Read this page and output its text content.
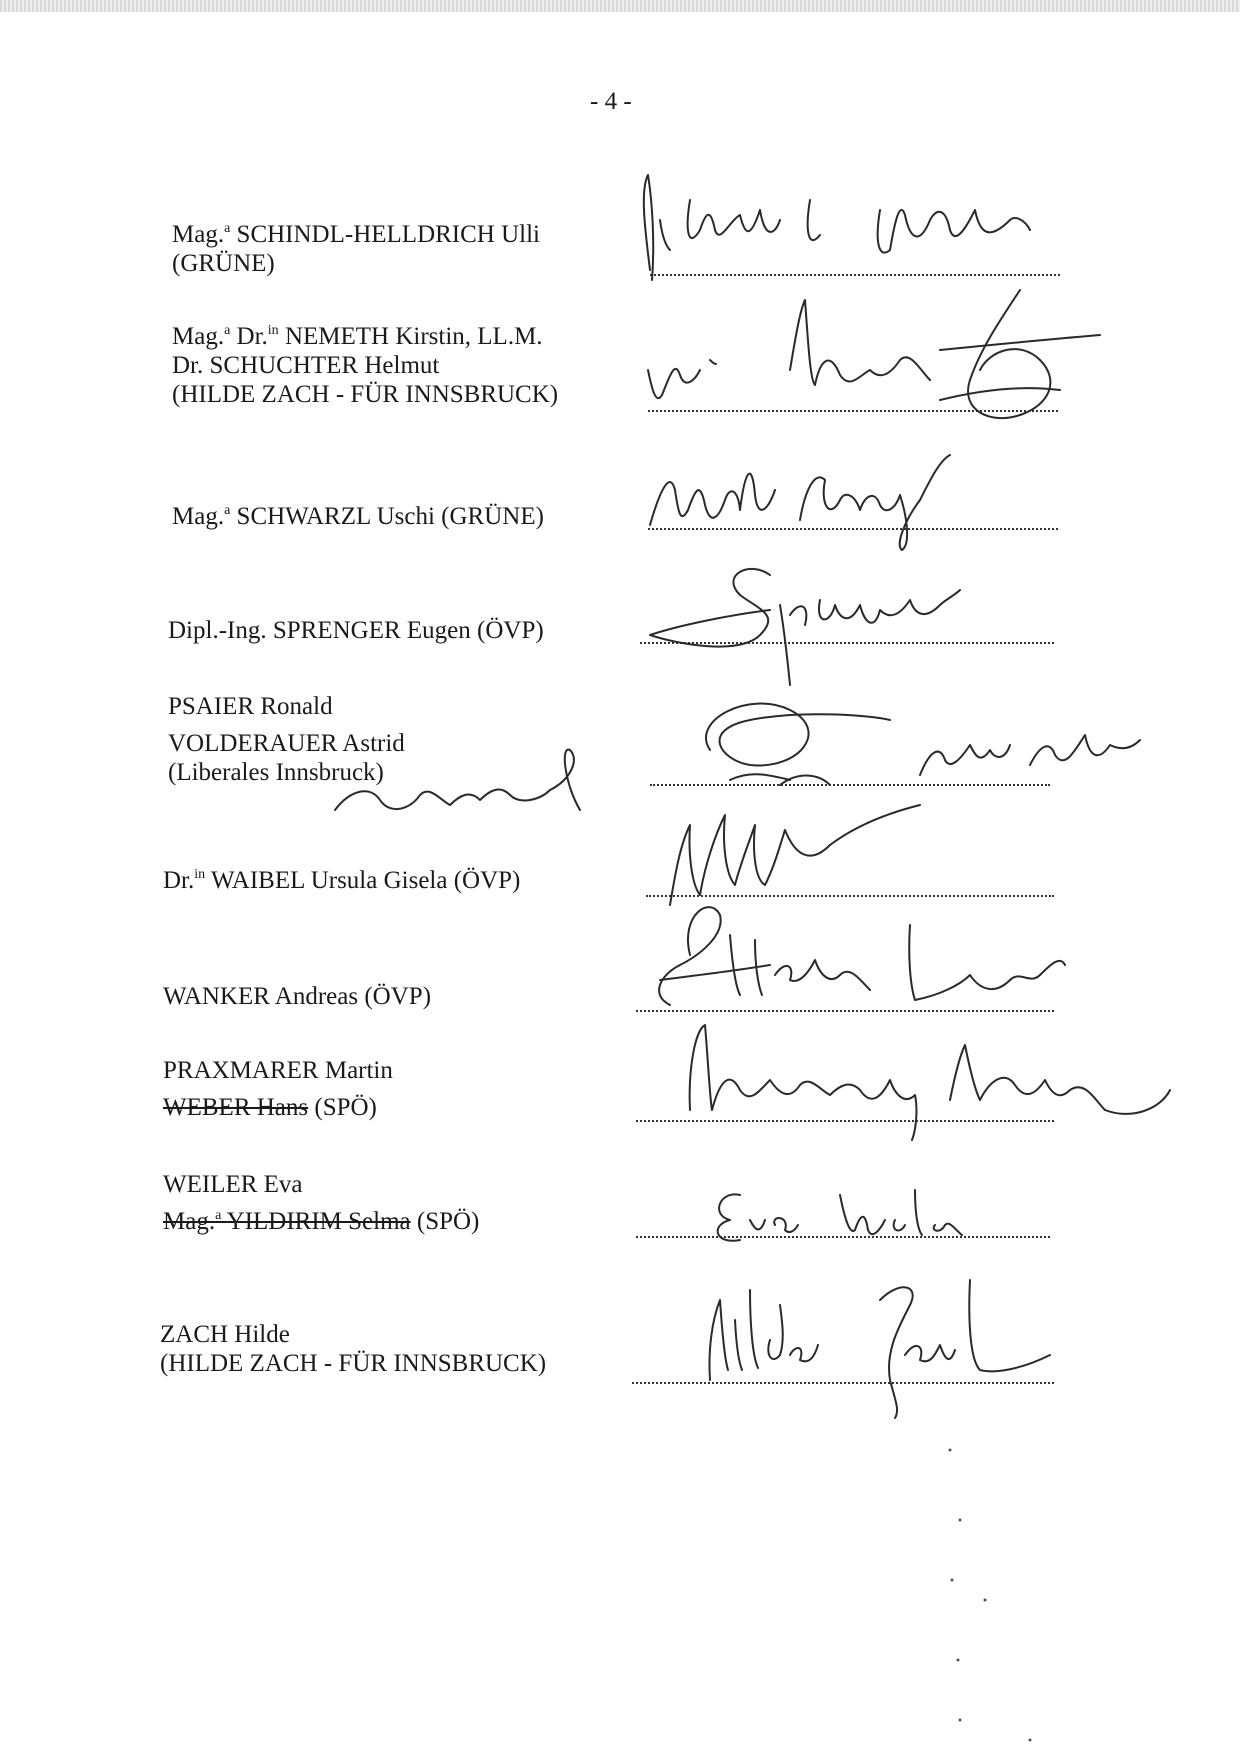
- 4 -
Mag.$^a$ SCHINDL-HELLDRICH Ulli
(GRÜNE)
Mag.$^a$ Dr.$^{in}$ NEMETH Kirstin, LL.M.
Dr. SCHUCHTER Helmut
(HILDE ZACH - FÜR INNSBRUCK)
Mag.$^a$ SCHWARZL Uschi (GRÜNE)
Dipl.-Ing. SPRENGER Eugen (ÖVP)
PSAIER Ronald
VOLDERAUER Astrid
(Liberales Innsbruck)
Dr.$^{in}$ WAIBEL Ursula Gisela (ÖVP)
WANKER Andreas (ÖVP)
PRAXMARER Martin
WEBER Hans (SPÖ)
WEILER Eva
Mag.$^a$ YILDIRIM Selma (SPÖ)
ZACH Hilde
(HILDE ZACH - FÜR INNSBRUCK)
